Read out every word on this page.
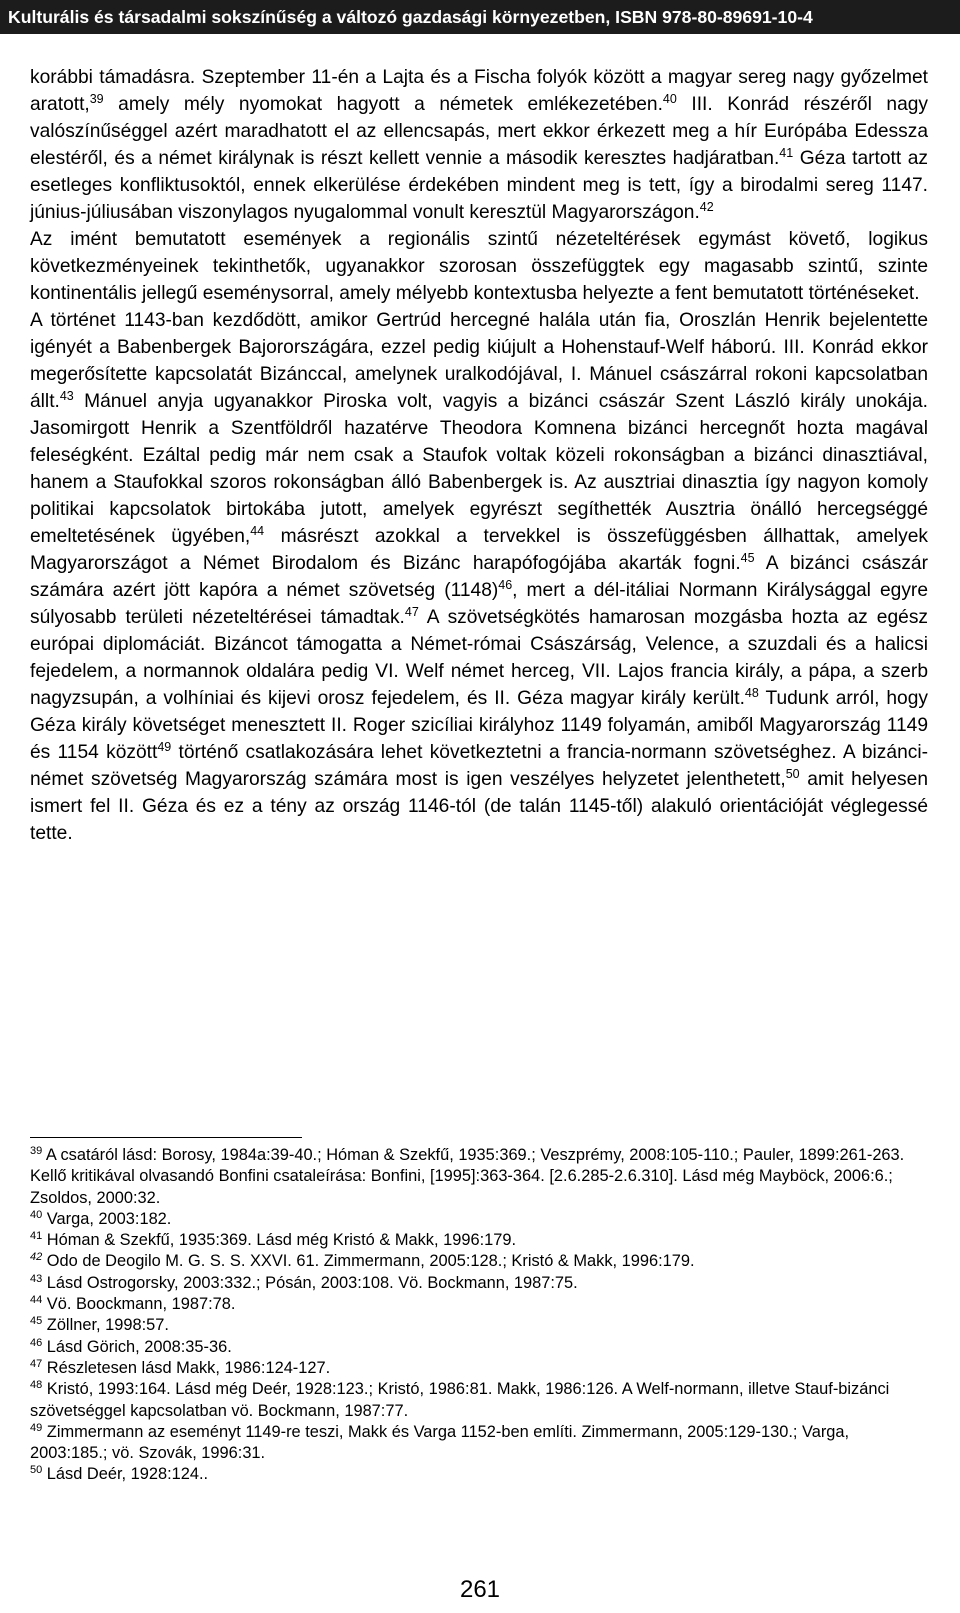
Kulturális és társadalmi sokszínűség a változó gazdasági környezetben, ISBN 978-80-89691-10-4

korábbi támadásra. Szeptember 11-én a Lajta és a Fischa folyók között a magyar sereg nagy győzelmet aratott,$^{39}$ amely mély nyomokat hagyott a németek emlékezetében.$^{40}$ III. Konrád részéről nagy valószínűséggel azért maradhatott el az ellencsapás, mert ekkor érkezett meg a hír Európába Edessza elestéről, és a német királynak is részt kellett vennie a második keresztes hadjáratban.$^{41}$ Géza tartott az esetleges konfliktusoktól, ennek elkerülése érdekében mindent meg is tett, így a birodalmi sereg 1147. június-júliusában viszonylagos nyugalommal vonult keresztül Magyarországon.$^{42}$

Az imént bemutatott események a regionális szintű nézeteltérések egymást követő, logikus következményeinek tekinthetők, ugyanakkor szorosan összefüggtek egy magasabb szintű, szinte kontinentális jellegű eseménysorral, amely mélyebb kontextusba helyezte a fent bemutatott történéseket.

A történet 1143-ban kezdődött, amikor Gertrúd hercegné halála után fia, Oroszlán Henrik bejelentette igényét a Babenbergek Bajorországára, ezzel pedig kiújult a Hohenstauf-Welf háború. III. Konrád ekkor megerősítette kapcsolatát Bizánccal, amelynek uralkodójával, I. Mánuel császárral rokoni kapcsolatban állt.$^{43}$ Mánuel anyja ugyanakkor Piroska volt, vagyis a bizánci császár Szent László király unokája. Jasomirgott Henrik a Szentföldről hazatérve Theodora Komnena bizánci hercegnőt hozta magával feleségként. Ezáltal pedig már nem csak a Staufok voltak közeli rokonságban a bizánci dinasztiával, hanem a Staufokkal szoros rokonságban álló Babenbergek is. Az ausztriai dinasztia így nagyon komoly politikai kapcsolatok birtokába jutott, amelyek egyrészt segíthették Ausztria önálló hercegséggé emeltetésének ügyében,$^{44}$ másrészt azokkal a tervekkel is összefüggésben állhattak, amelyek Magyarországot a Német Birodalom és Bizánc harapófogójába akarták fogni.$^{45}$ A bizánci császár számára azért jött kapóra a német szövetség $(1148)^{46}$, mert a dél-itáliai Normann Királysággal egyre súlyosabb területi nézeteltérései támadtak.$^{47}$ A szövetségkötés hamarosan mozgásba hozta az egész európai diplomáciát. Bizáncot támogatta a Német-római Császárság, Velence, a szuzdali és a halicsi fejedelem, a normannok oldalára pedig VI. Welf német herceg, VII. Lajos francia király, a pápa, a szerb nagyzsupán, a volhíniai és kijevi orosz fejedelem, és II. Géza magyar király került.$^{48}$ Tudunk arról, hogy Géza király követséget menesztett II. Roger szicíliai királyhoz 1149 folyamán, amiből Magyarország 1149 és 1154 között$^{49}$ történő csatlakozására lehet következtetni a francia-normann szövetséghez. A bizánci-német szövetség Magyarország számára most is igen veszélyes helyzetet jelenthetett,$^{50}$ amit helyesen ismert fel II. Géza és ez a tény az ország 1146-tól (de talán 1145-től) alakuló orientációját véglegessé tette.

$^{39}$ A csatáról lásd: Borosy, 1984a:39-40.; Hóman & Szekfű, 1935:369.; Veszprémy, 2008:105-110.; Pauler, 1899:261-263. Kellő kritikával olvasandó Bonfini csataleírása: Bonfini, [1995]:363-364. [2.6.285-2.6.310]. Lásd még Mayböck, 2006:6.; Zsoldos, 2000:32.

$^{40}$ Varga, 2003:182.

$^{41}$ Hóman & Szekfű, 1935:369. Lásd még Kristó & Makk, 1996:179.

$^{42}$ Odo de Deogilo M. G. S. S. XXVI. 61. Zimmermann, 2005:128.; Kristó & Makk, 1996:179.

$^{43}$ Lásd Ostrogorsky, 2003:332.; Pósán, 2003:108. Vö. Bockmann, 1987:75.

$^{44}$ Vö. Boockmann, 1987:78.

$^{45}$ Zöllner, 1998:57.

$^{46}$ Lásd Görich, 2008:35-36.

$^{47}$ Részletesen lásd Makk, 1986:124-127.

$^{48}$ Kristó, 1993:164. Lásd még Deér, 1928:123.; Kristó, 1986:81. Makk, 1986:126. A Welf-normann, illetve Stauf-bizánci szövetséggel kapcsolatban vö. Bockmann, 1987:77.

$^{49}$ Zimmermann az eseményt 1149-re teszi, Makk és Varga 1152-ben említi. Zimmermann, 2005:129-130.; Varga, 2003:185.; vö. Szovák, 1996:31.

$^{50}$ Lásd Deér, 1928:124..

261
